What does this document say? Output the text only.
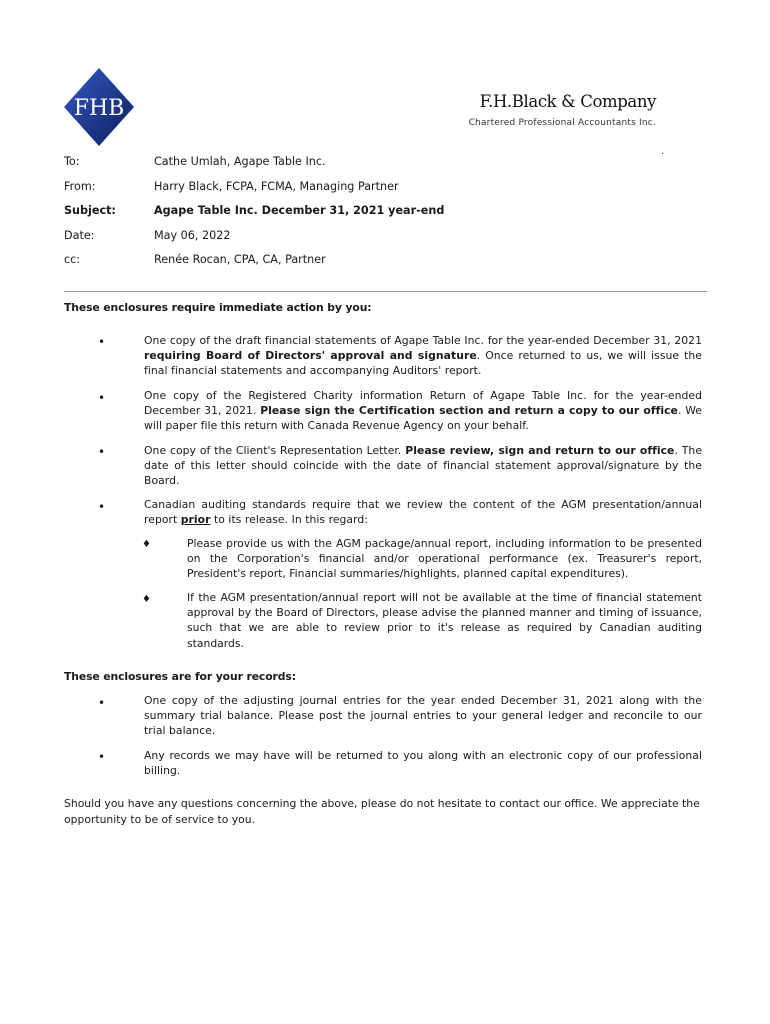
FHB	F.H.Black & Company
Chartered Professional Accountants Inc.
.
To:	Cathe Umlah, Agape Table Inc.
From:	Harry Black, FCPA, FCMA, Managing Partner
Subject:	Agape Table Inc. December 31, 2021 year-end
Date:	May 06, 2022
cc:	Renée Rocan, CPA, CA, Partner
These enclosures require immediate action by you:
•	One copy of the draft financial statements of Agape Table Inc. for the year-ended December 31, 2021 requiring Board of Directors' approval and signature. Once returned to us, we will issue the final financial statements and accompanying Auditors' report.
•	One copy of the Registered Charity information Return of Agape Table Inc. for the year-ended December 31, 2021. Please sign the Certification section and return a copy to our office. We will paper file this return with Canada Revenue Agency on your behalf.
•	One copy of the Client's Representation Letter. Please review, sign and return to our office. The date of this letter should coincide with the date of financial statement approval/signature by the Board.
•	Canadian auditing standards require that we review the content of the AGM presentation/annual report prior to its release. In this regard:
♦	Please provide us with the AGM package/annual report, including information to be presented on the Corporation's financial and/or operational performance (ex. Treasurer's report, President's report, Financial summaries/highlights, planned capital expenditures).
♦	If the AGM presentation/annual report will not be available at the time of financial statement approval by the Board of Directors, please advise the planned manner and timing of issuance, such that we are able to review prior to it's release as required by Canadian auditing standards.
These enclosures are for your records:
•	One copy of the adjusting journal entries for the year ended December 31, 2021 along with the summary trial balance. Please post the journal entries to your general ledger and reconcile to our trial balance.
•	Any records we may have will be returned to you along with an electronic copy of our professional billing.
Should you have any questions concerning the above, please do not hesitate to contact our office. We appreciate the opportunity to be of service to you.
